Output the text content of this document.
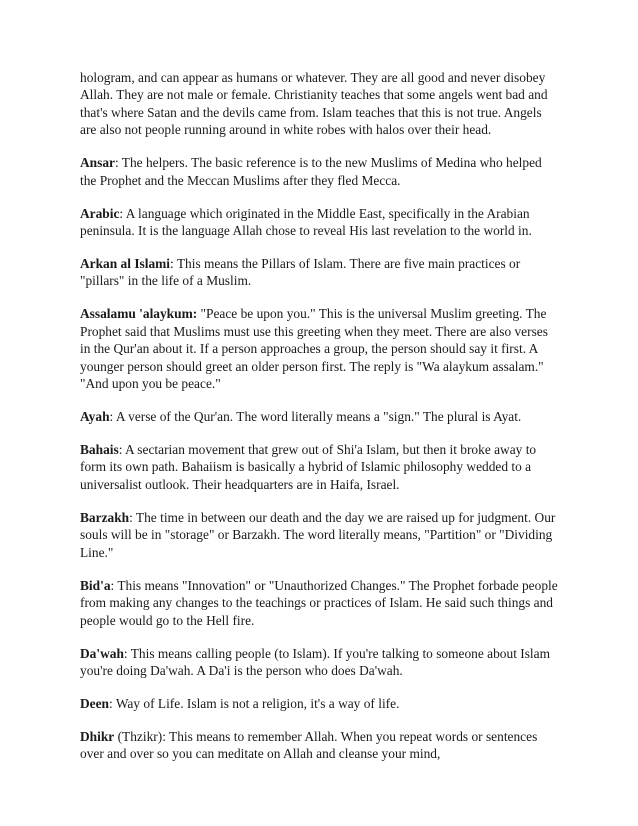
hologram, and can appear as humans or whatever. They are all good and never disobey Allah. They are not male or female. Christianity teaches that some angels went bad and that's where Satan and the devils came from. Islam teaches that this is not true. Angels are also not people running around in white robes with halos over their head.

Ansar: The helpers. The basic reference is to the new Muslims of Medina who helped the Prophet and the Meccan Muslims after they fled Mecca.

Arabic: A language which originated in the Middle East, specifically in the Arabian peninsula. It is the language Allah chose to reveal His last revelation to the world in.

Arkan al Islami: This means the Pillars of Islam. There are five main practices or "pillars" in the life of a Muslim.

Assalamu 'alaykum: "Peace be upon you." This is the universal Muslim greeting. The Prophet said that Muslims must use this greeting when they meet. There are also verses in the Qur'an about it. If a person approaches a group, the person should say it first. A younger person should greet an older person first. The reply is "Wa alaykum assalam." "And upon you be peace."

Ayah: A verse of the Qur'an. The word literally means a "sign." The plural is Ayat.

Bahais: A sectarian movement that grew out of Shi'a Islam, but then it broke away to form its own path. Bahaiism is basically a hybrid of Islamic philosophy wedded to a universalist outlook. Their headquarters are in Haifa, Israel.

Barzakh: The time in between our death and the day we are raised up for judgment. Our souls will be in "storage" or Barzakh. The word literally means, "Partition" or "Dividing Line."

Bid'a: This means "Innovation" or "Unauthorized Changes." The Prophet forbade people from making any changes to the teachings or practices of Islam. He said such things and people would go to the Hell fire.

Da'wah: This means calling people (to Islam). If you're talking to someone about Islam you're doing Da'wah. A Da'i is the person who does Da'wah.

Deen: Way of Life. Islam is not a religion, it's a way of life.

Dhikr (Thzikr): This means to remember Allah. When you repeat words or sentences over and over so you can meditate on Allah and cleanse your mind,
